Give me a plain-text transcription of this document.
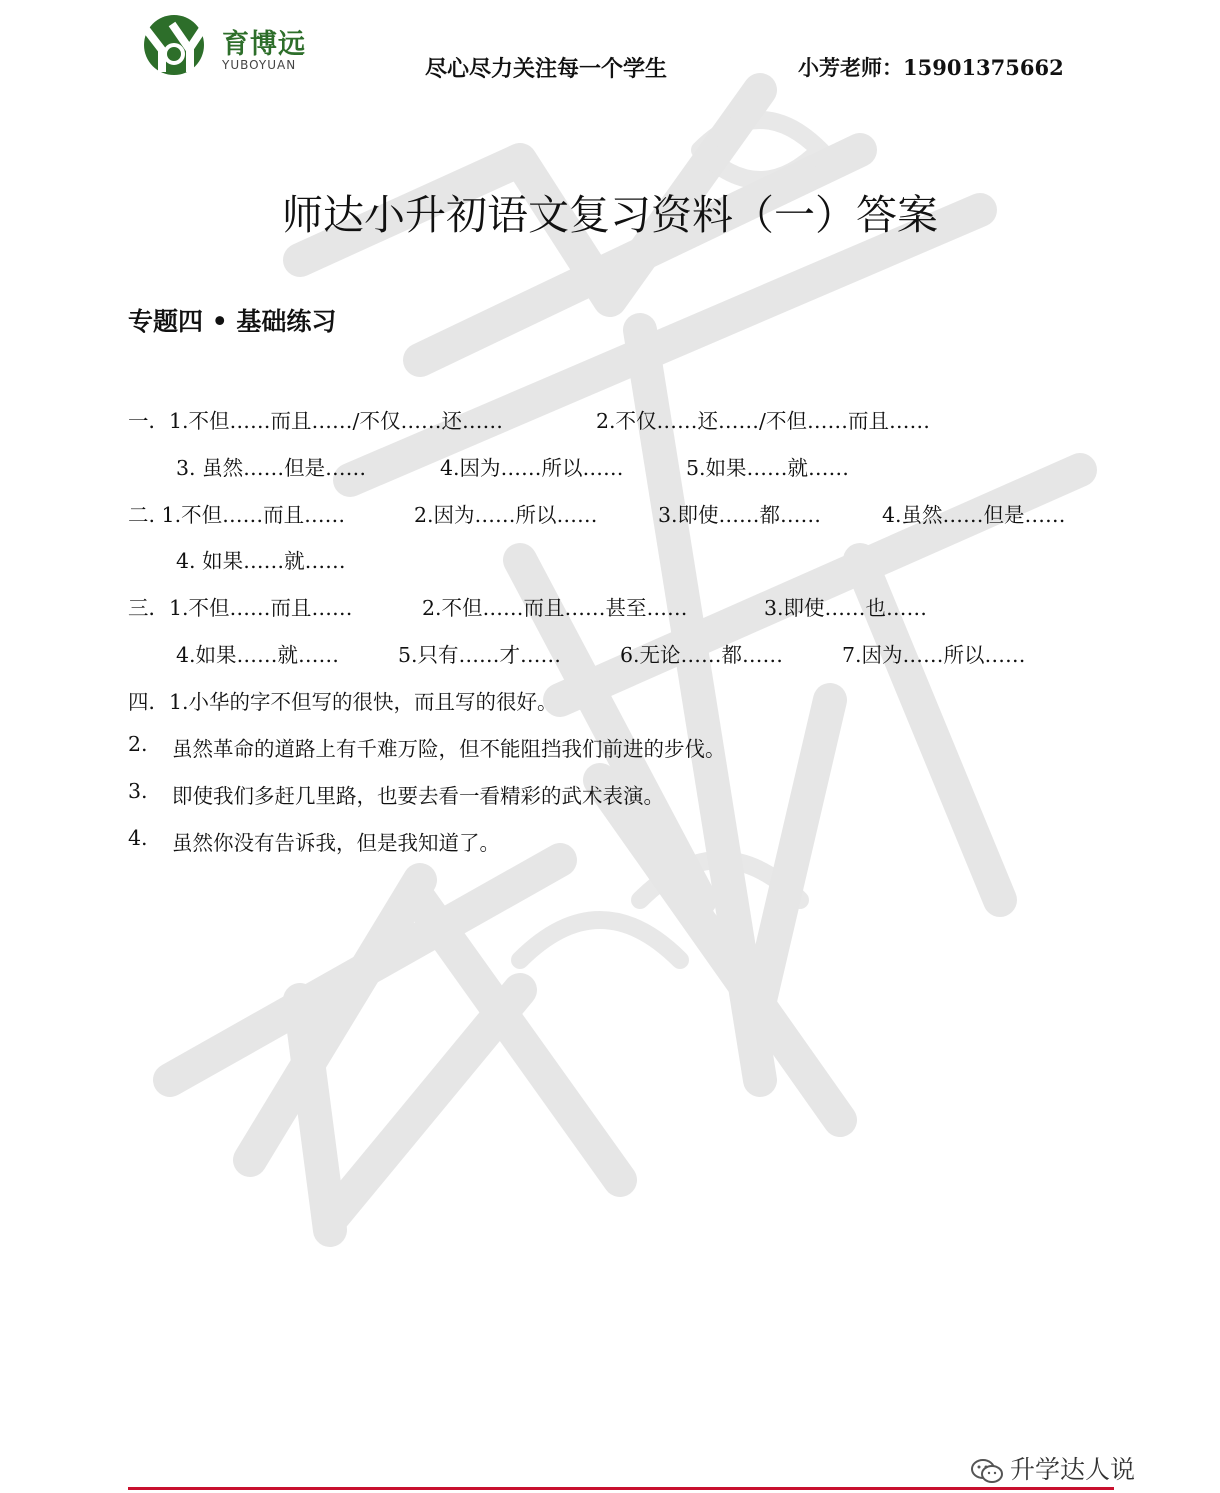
育博远
YUBOYUAN	尽心尽力关注每一个学生	小芳老师：15901375662
师达小升初语文复习资料（一）答案
专题四 • 基础练习
一．1.不但……而且……/不仅……还……	2.不仅……还……/不但……而且……
3. 虽然……但是……	4.因为……所以……	5.如果……就……
二. 1.不但……而且……	2.因为……所以……	3.即使……都……	4.虽然……但是……
4. 如果……就……
三．1.不但……而且……	2.不但……而且……甚至……	3.即使……也……
4.如果……就……	5.只有……才……	6.无论……都……	7.因为……所以……
四．1.小华的字不但写的很快，而且写的很好。
2. 虽然革命的道路上有千难万险，但不能阻挡我们前进的步伐。
3. 即使我们多赶几里路，也要去看一看精彩的武术表演。
4. 虽然你没有告诉我，但是我知道了。
升学达人说
